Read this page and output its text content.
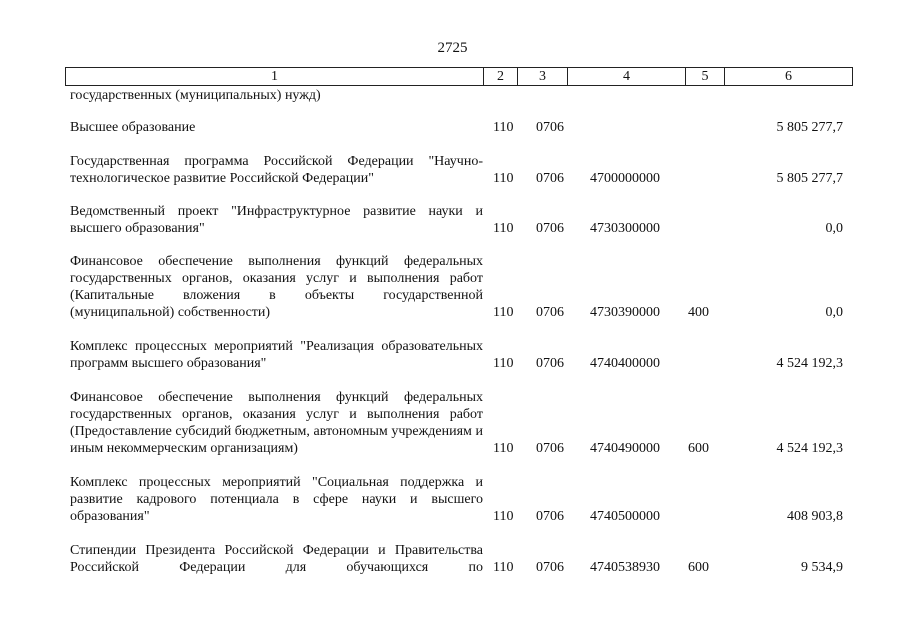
2725
1	2	3	4	5	6
государственных (муниципальных) нужд)
Высшее образование	110 0706	5 805 277,7
Государственная программа Российской Федерации "Научно-технологическое развитие Российской Федерации"	110 0706 4700000000	5 805 277,7
Ведомственный проект "Инфраструктурное развитие науки и высшего образования"	110 0706 4730300000	0,0
Финансовое обеспечение выполнения функций федеральных государственных органов, оказания услуг и выполнения работ (Капитальные вложения в объекты государственной (муниципальной) собственности)	110 0706 4730390000 400	0,0
Комплекс процессных мероприятий "Реализация образовательных программ высшего образования"	110 0706 4740400000	4 524 192,3
Финансовое обеспечение выполнения функций федеральных государственных органов, оказания услуг и выполнения работ (Предоставление субсидий бюджетным, автономным учреждениям и иным некоммерческим организациям)	110 0706 4740490000 600	4 524 192,3
Комплекс процессных мероприятий "Социальная поддержка и развитие кадрового потенциала в сфере науки и высшего образования"	110 0706 4740500000	408 903,8
Стипендии Президента Российской Федерации и Правительства Российской Федерации для обучающихся по 110 0706 4740538930 600	9 534,9
